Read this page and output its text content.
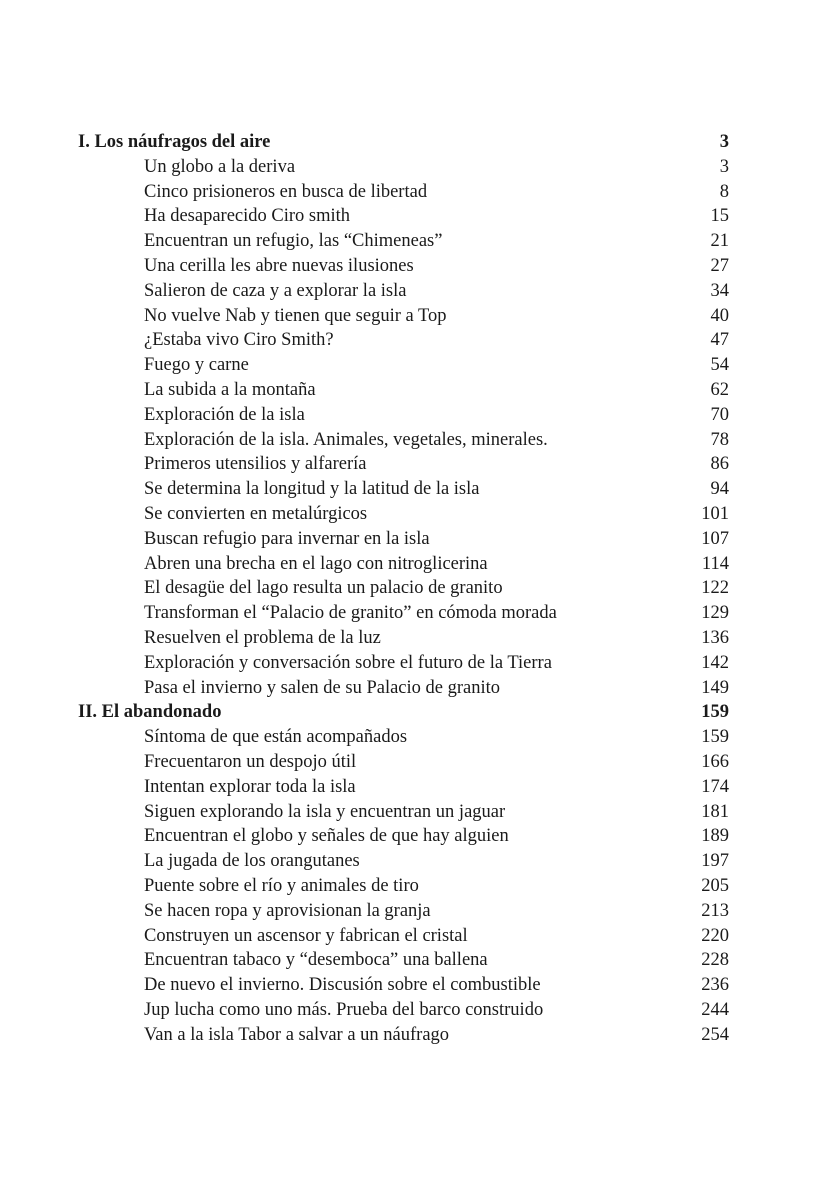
I. Los náufragos del aire	3
Un globo a la deriva	3
Cinco prisioneros en busca de libertad	8
Ha desaparecido Ciro smith	15
Encuentran un refugio, las “Chimeneas”	21
Una cerilla les abre nuevas ilusiones	27
Salieron de caza y a explorar la isla	34
No vuelve Nab y tienen que seguir a Top	40
¿Estaba vivo Ciro Smith?	47
Fuego y carne	54
La subida a la montaña	62
Exploración de la isla	70
Exploración de la isla. Animales, vegetales, minerales.	78
Primeros utensilios y alfarería	86
Se determina la longitud y la latitud de la isla	94
Se convierten en metalúrgicos	101
Buscan refugio para invernar en la isla	107
Abren una brecha en el lago con nitroglicerina	114
El desagüe del lago resulta un palacio de granito	122
Transforman el “Palacio de granito” en cómoda morada	129
Resuelven el problema de la luz	136
Exploración y conversación sobre el futuro de la Tierra	142
Pasa el invierno y salen de su Palacio de granito	149
II. El abandonado	159
Síntoma de que están acompañados	159
Frecuentaron un despojo útil	166
Intentan explorar toda la isla	174
Siguen explorando la isla y encuentran un jaguar	181
Encuentran el globo y señales de que hay alguien	189
La jugada de los orangutanes	197
Puente sobre el río y animales de tiro	205
Se hacen ropa y aprovisionan la granja	213
Construyen un ascensor y fabrican el cristal	220
Encuentran tabaco y “desemboca” una ballena	228
De nuevo el invierno. Discusión sobre el combustible	236
Jup lucha como uno más. Prueba del barco construido	244
Van a la isla Tabor a salvar a un náufrago	254
